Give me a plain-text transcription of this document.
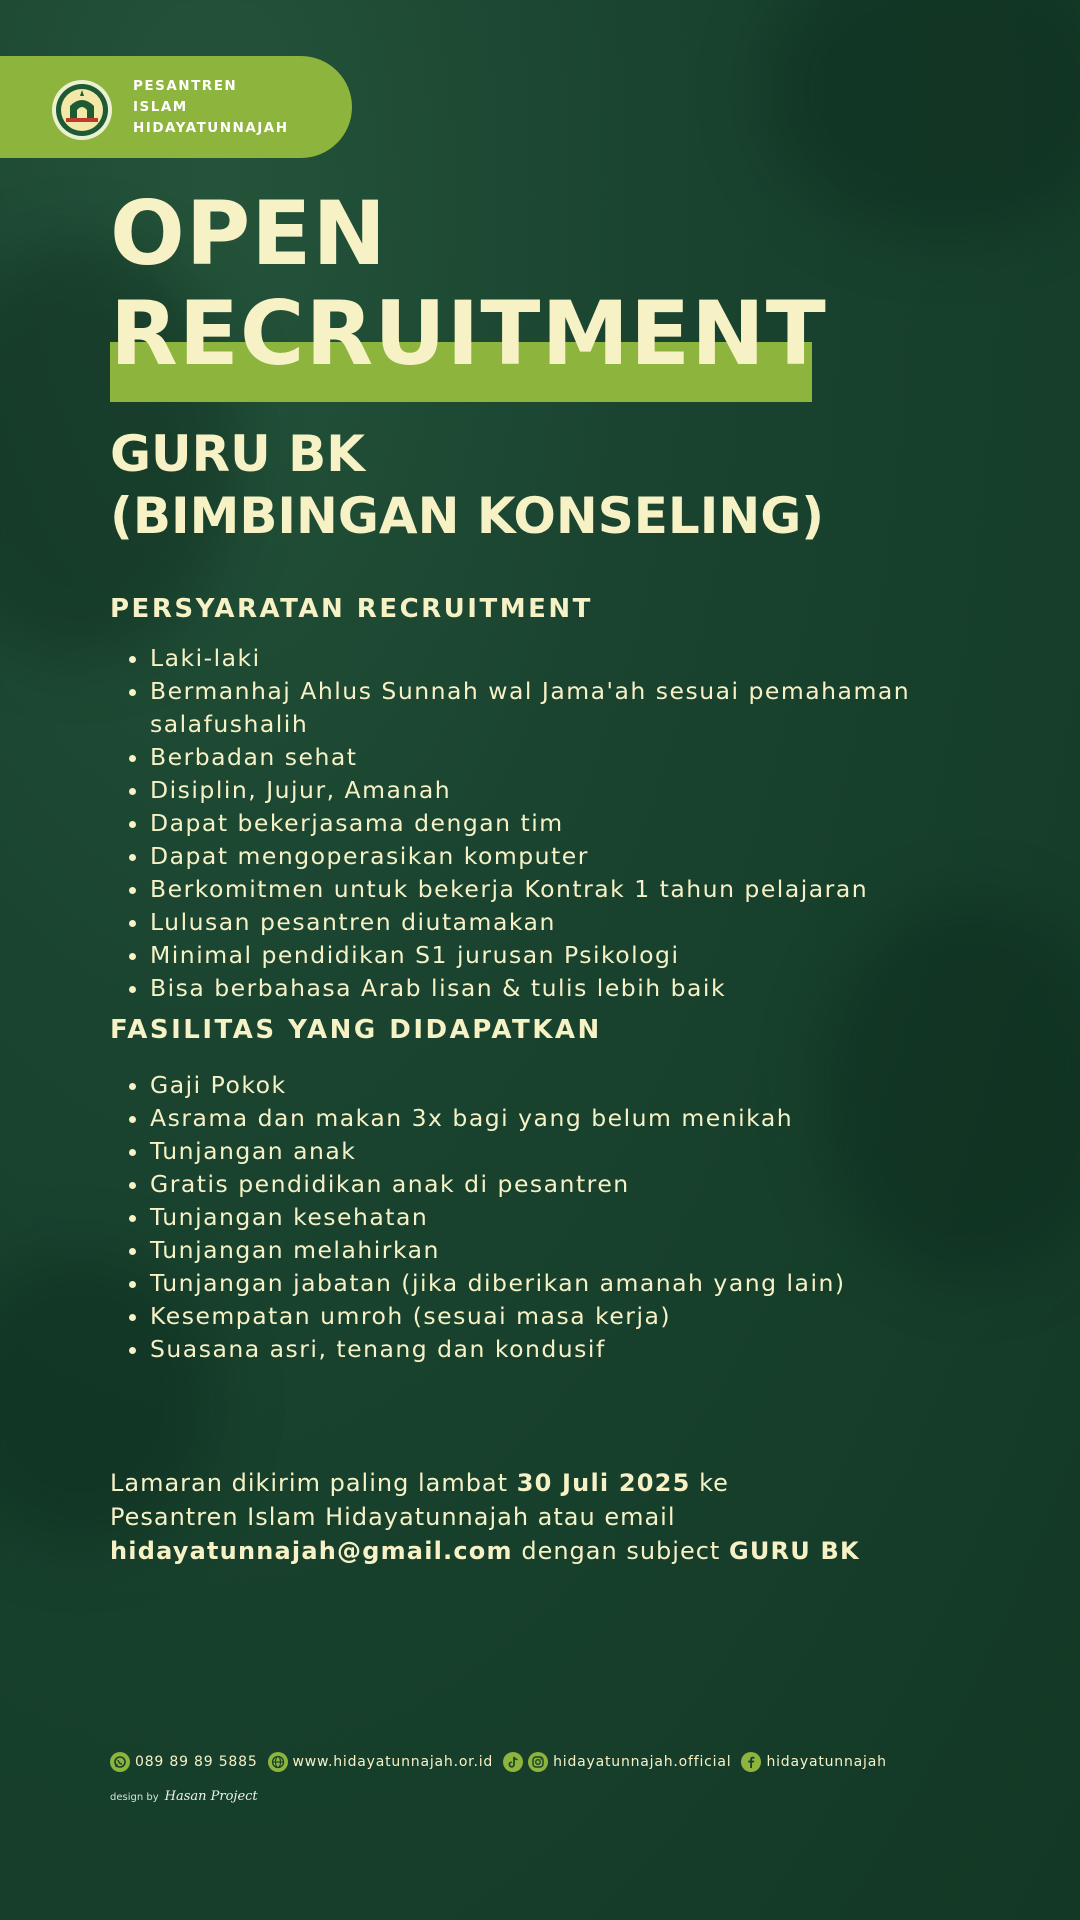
PESANTREN
ISLAM
HIDAYATUNNAJAH
OPEN
RECRUITMENT
GURU BK
(BIMBINGAN KONSELING)
PERSYARATAN RECRUITMENT
• Laki-laki
• Bermanhaj Ahlus Sunnah wal Jama'ah sesuai pemahaman salafushalih
• Berbadan sehat
• Disiplin, Jujur, Amanah
• Dapat bekerjasama dengan tim
• Dapat mengoperasikan komputer
• Berkomitmen untuk bekerja Kontrak 1 tahun pelajaran
• Lulusan pesantren diutamakan
• Minimal pendidikan S1 jurusan Psikologi
• Bisa berbahasa Arab lisan & tulis lebih baik
FASILITAS YANG DIDAPATKAN
• Gaji Pokok
• Asrama dan makan 3x bagi yang belum menikah
• Tunjangan anak
• Gratis pendidikan anak di pesantren
• Tunjangan kesehatan
• Tunjangan melahirkan
• Tunjangan jabatan (jika diberikan amanah yang lain)
• Kesempatan umroh (sesuai masa kerja)
• Suasana asri, tenang dan kondusif
Lamaran dikirim paling lambat 30 Juli 2025 ke
Pesantren Islam Hidayatunnajah atau email
hidayatunnajah@gmail.com dengan subject GURU BK
089 89 89 5885	www.hidayatunnajah.or.id	hidayatunnajah.official	hidayatunnajah
design by Hasan Project
